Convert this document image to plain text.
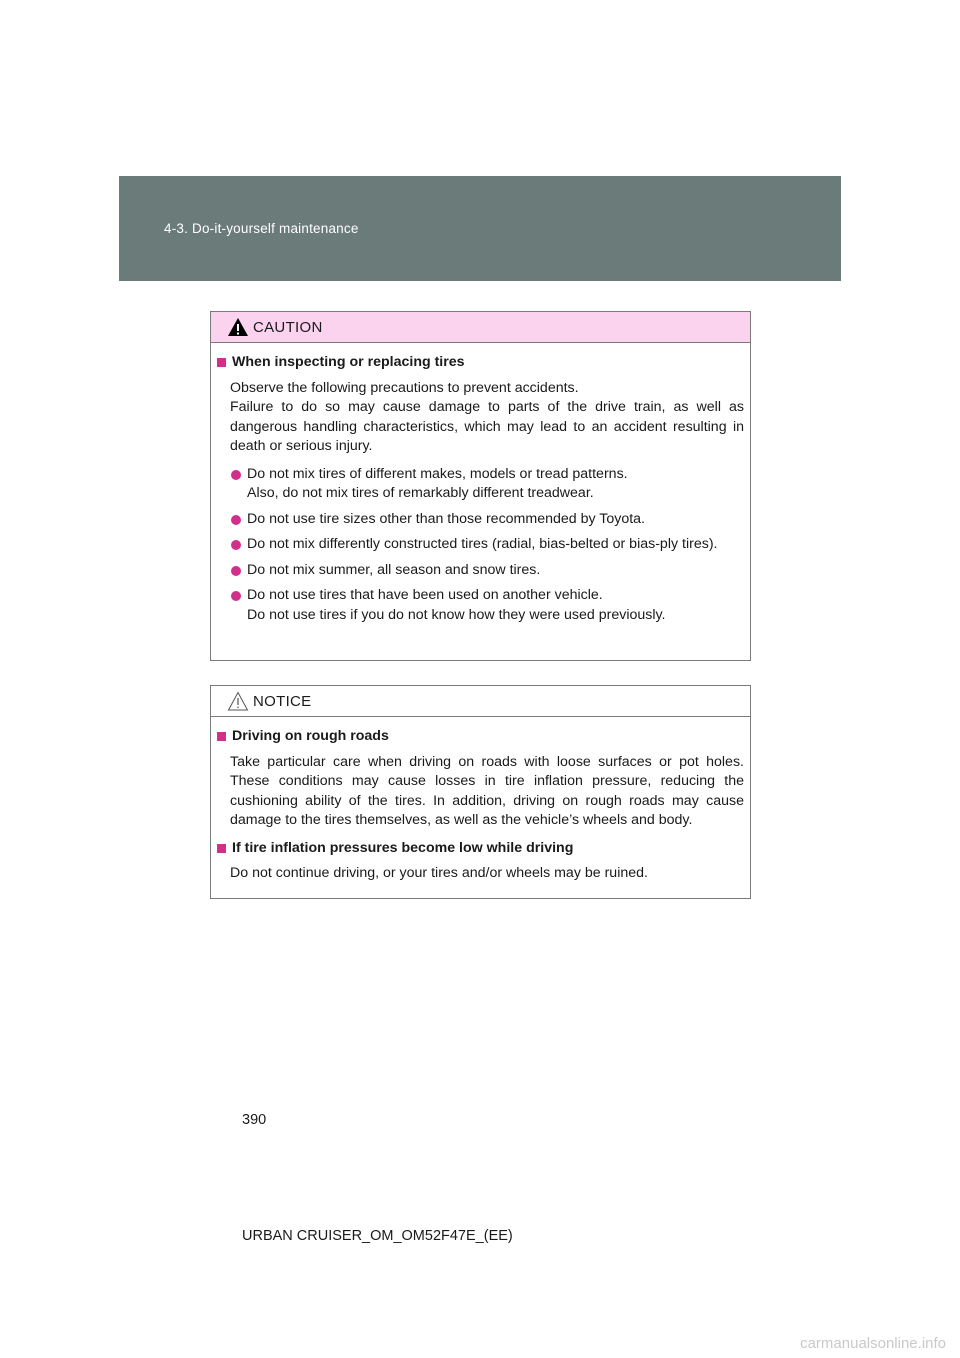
4-3. Do-it-yourself maintenance
CAUTION
When inspecting or replacing tires

Observe the following precautions to prevent accidents.

Failure to do so may cause damage to parts of the drive train, as well as dangerous handling characteristics, which may lead to an accident resulting in death or serious injury.

Do not mix tires of different makes, models or tread patterns.

Also, do not mix tires of remarkably different treadwear.

Do not use tire sizes other than those recommended by Toyota.

Do not mix differently constructed tires (radial, bias-belted or bias-ply tires).

Do not mix summer, all season and snow tires.

Do not use tires that have been used on another vehicle.

Do not use tires if you do not know how they were used previously.

NOTICE
Driving on rough roads
Take particular care when driving on roads with loose surfaces or pot holes. These conditions may cause losses in tire inflation pressure, reducing the cushioning ability of the tires. In addition, driving on rough roads may cause damage to the tires themselves, as well as the vehicle’s wheels and body.
If tire inflation pressures become low while driving
Do not continue driving, or your tires and/or wheels may be ruined.
390
URBAN CRUISER_OM_OM52F47E_(EE)
carmanualsonline.info
